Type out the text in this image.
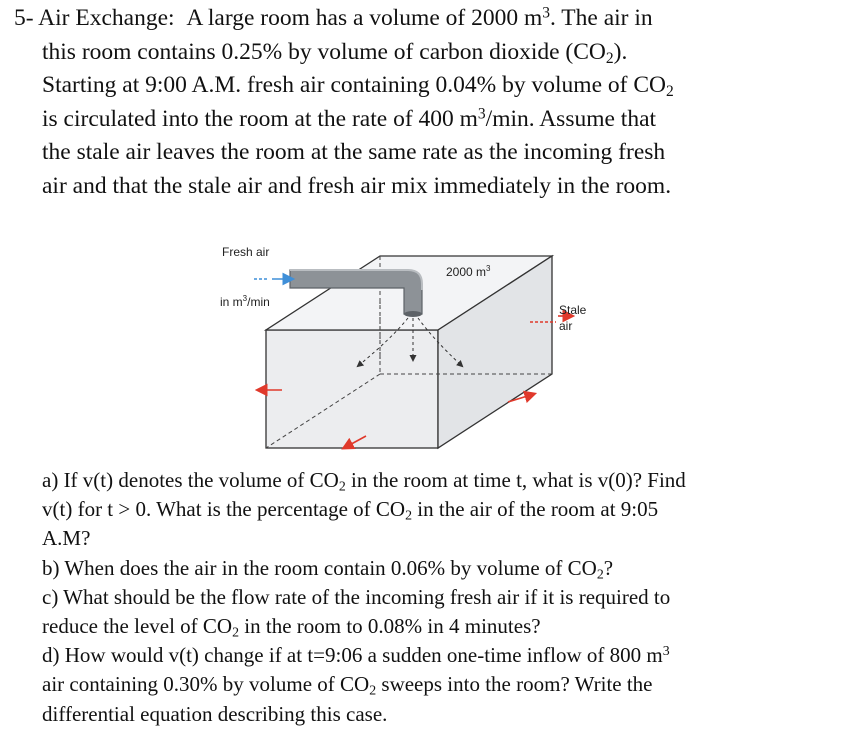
5- Air Exchange: A large room has a volume of 2000 $m^3$. The air in
this room contains 0.25% by volume of carbon dioxide $(CO_2)$.
Starting at 9:00 A.M. fresh air containing 0.04% by volume of $CO_2$
is circulated into the room at the rate of 400 $m^3/\min$. Assume that
the stale air leaves the room at the same rate as the incoming fresh
air and that the stale air and fresh air mix immediately in the room.
Fresh air
in $m^3/\min$
2000 $m^3$
Stale
air
a) If v(t) denotes the volume of $CO_2$ in the room at time t, what is v(0)? Find
v(t) for t > 0. What is the percentage of $CO_2$ in the air of the room at 9:05
A.M?
b) When does the air in the room contain 0.06% by volume of $CO_2$?
c) What should be the flow rate of the incoming fresh air if it is required to
reduce the level of $CO_2$ in the room to 0.08% in 4 minutes?
d) How would v(t) change if at t=9:06 a sudden one-time inflow of 800 $m^3$
air containing 0.30% by volume of $CO_2$ sweeps into the room? Write the
differential equation describing this case.
